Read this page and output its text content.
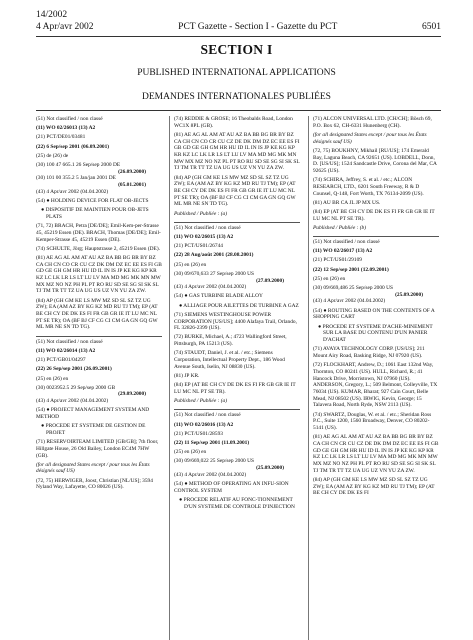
14/2002
4 Apr/avr 2002	PCT Gazette - Section I - Gazette du PCT	6501
SECTION I
PUBLISHED INTERNATIONAL APPLICATIONS
DEMANDES INTERNATIONALES PUBLIÉES
(51) Not classified / non classé
(11) WO 02/26013 (13) A2
(21) PCT/DE01/03481
(22) 6 Sep/sep 2001 (06.09.2001)
(25) de (26) de
(30) 100 47 665.1 26 Sep/sep 2000 DE
(26.09.2000)
(30) 101 00 355.2 5 Jan/jan 2001 DE
(05.01.2001)
(43) 4 Apr/avr 2002 (04.04.2002)
(54) ● HOLDING DEVICE FOR FLAT OB-JECTS
● DISPOSITIF DE MAINTIEN POUR OB-JETS PLATS
(71, 72) BRACH, Petra [DE/DE]; Emil-Kem-per-Strasse 45, 45219 Essen (DE). BRACH, Thomas [DE/DE]; Emil-Kemper-Strasse 45, 45219 Essen (DE).
(74) SCHULTE, Jörg; Hauptstrasse 2, 45219 Essen (DE).
(81) AE AG AL AM AT AU AZ BA BB BG BR BY BZ CA CH CN CO CR CU CZ DK DM DZ EC EE ES FI GB GD GE GH GM HR HU ID IL IN IS JP KE KG KP KR KZ LC LK LR LS LT LU LV MA MD MG MK MN MW MX MZ NO NZ PH PL PT RO RU SD SE SG SI SK SL TJ TM TR TT TZ UA UG US UZ VN YU ZA ZW.
(84) AP (GH GM KE LS MW MZ SD SL SZ TZ UG ZW); EA (AM AZ BY KG KZ MD RU TJ TM); EP (AT BE CH CY DE DK ES FI FR GB GR IE IT LU MC NL PT SE TR); OA (BF BJ CF CG CI CM GA GN GQ GW ML MR NE SN TD TG).
(51) Not classified / non classé
(11) WO 02/26014 (13) A2
(21) PCT/GB01/04297
(22) 26 Sep/sep 2001 (26.09.2001)
(25) en (26) en
(30) 0023952.5 29 Sep/sep 2000 GB
(29.09.2000)
(43) 4 Apr/avr 2002 (04.04.2002)
(54) ● PROJECT MANAGEMENT SYSTEM AND METHOD
● PROCEDE ET SYSTEME DE GESTION DE PROJET
(71) RESERVOIRTEAM LIMITED [GB/GB]; 7th floor, Hillgate House, 26 Old Bailey, London EC4M 7HW (GB).
(for all designated States except / pour tous les États désignés sauf US)
(72, 75) HERWIGER, Joost, Christian [NL/US]; 3594 Nyland Way, Lafayette, CO 80026 (US).
(74) REDDIE & GROSE; 16 Theobalds Road, London WC1X 8PL (GB).
(81) AE AG AL AM AT AU AZ BA BB BG BR BY BZ CA CH CN CO CR CU CZ DE DK DM DZ EC EE ES FI GB GD GE GH GM HR HU ID IL IN IS JP KE KG KP KR KZ LC LK LR LS LT LU LV MA MD MG MK MN MW MX MZ NO NZ PL PT RO RU SD SE SG SI SK SL TJ TM TR TT TZ UA UG US UZ VN YU ZA ZW.
(84) AP (GH GM KE LS MW MZ SD SL SZ TZ UG ZW); EA (AM AZ BY KG KZ MD RU TJ TM); EP (AT BE CH CY DE DK ES FI FR GB GR IE IT LU MC NL PT SE TR); OA (BF BJ CF CG CI CM GA GN GQ GW ML MR NE SN TD TG).
Published / Publiée : (a)
(51) Not classified / non classé
(11) WO 02/26015 (13) A2
(21) PCT/US01/26744
(22) 28 Aug/août 2001 (28.08.2001)
(25) en (26) en
(30) 09/670,633 27 Sep/sep 2000 US
(27.09.2000)
(43) 4 Apr/avr 2002 (04.04.2002)
(54) ● GAS TURBINE BLADE ALLOY
● ALLIAGE POUR AILETTES DE TURBINE A GAZ
(71) SIEMENS WESTINGHOUSE POWER CORPORATION [US/US]; 4400 Alafaya Trail, Orlando, FL 32826-2399 (US).
(72) BURKE, Michael, A.; 4723 Wallingford Street, Pittsburgh, PA 15213 (US).
(74) STAUDT, Daniel, J. et al. / etc.; Siemens Corporation, Intellectual Property Dept., 186 Wood Avenue South, Iselin, NJ 08830 (US).
(81) JP KR.
(84) EP (AT BE CH CY DE DK ES FI FR GB GR IE IT LU MC NL PT SE TR).
Published / Publiée : (a)
(51) Not classified / non classé
(11) WO 02/26016 (13) A2
(21) PCT/US01/28593
(22) 11 Sep/sep 2001 (11.09.2001)
(25) en (26) en
(30) 09/669,022 25 Sep/sep 2000 US
(25.09.2000)
(43) 4 Apr/avr 2002 (04.04.2002)
(54) ● METHOD OF OPERATING AN INFU-SION CONTROL SYSTEM
● PROCEDE RELATIF AU FONC-TIONNEMENT D'UN SYSTEME DE CONTROLE D'INJECTION
(71) ALCON UNIVERSAL LTD. [CH/CH]; Bösch 69, P.O. Box 62, CH-6331 Hunenberg (CH).
(for all designated States except / pour tous les États désignés sauf US)
(72, 75) BOUKHNY, Mikhail [RU/US]; 174 Emerald Bay, Laguna Beach, CA 92651 (US). LOBDELL, Donn, D. [US/US]; 1524 Sandcastle Drive, Corona del Mar, CA 92625 (US).
(74) SCHIRA, Jeffrey, S. et al. / etc.; ALCON RESEARCH, LTD., 6201 South Freeway, R & D Counsel, Q-148, Fort Worth, TX 76134-2099 (US).
(81) AU BR CA JL JP MX US.
(84) EP (AT BE CH CY DE DK ES FI FR GB GR IE IT LU MC NL PT SE TR).
Published / Publiée : (b)
(51) Not classified / non classé
(11) WO 02/26017 (13) A2
(21) PCT/US01/29109
(22) 12 Sep/sep 2001 (12.09.2001)
(25) en (26) en
(30) 09/669,486 25 Sep/sep 2000 US
(25.09.2000)
(43) 4 Apr/avr 2002 (04.04.2002)
(54) ● ROUTING BASED ON THE CONTENTS OF A SHOPPING CART
● PROCEDE ET SYSTEME D'ACHE-MINEMENT SUR LA BASE DU CONTENU D'UN PANIER D'ACHAT
(71) AVAYA TECHNOLOGY CORP. [US/US]; 211 Mount Airy Road, Basking Ridge, NJ 07920 (US).
(72) FLOCKHART, Andrew, D.; 1061 East 132nd Way, Thornton, CO 80241 (US). HULL, Richard, R.; 41 Hancock Drive, Morristown, NJ 07960 (US). ANDERSON, Gregory, L.; 509 Belmont, Colleyville, TX 76034 (US). KUMAR, Bharat; 927 Cain Court, Belle Mead, NJ 08502 (US). IRWIG, Kevin, George; 15 Talavera Road, North Ryde, NSW 2113 (US).
(74) SWARTZ, Douglas, W. et al. / etc.; Sheridan Ross P.C., Suite 1200, 1560 Broadway, Denver, CO 80202-5141 (US).
(81) AE AG AL AM AT AU AZ BA BB BG BR BY BZ CA CH CN CR CU CZ DE DK DM DZ EC EE ES FI GB GD GE GH GM HR HU ID IL IN IS JP KE KG KP KR KZ LC LK LR LS LT LU LV MA MD MG MK MN MW MX MZ NO NZ PH PL PT RO RU SD SE SG SI SK SL TJ TM TR TT TZ UA UG UZ VN YU ZA ZW.
(84) AP (GH GM KE LS MW MZ SD SL SZ TZ UG ZW); EA (AM AZ BY KG KZ MD RU TJ TM); EP (AT BE CH CY DE DK ES FI
